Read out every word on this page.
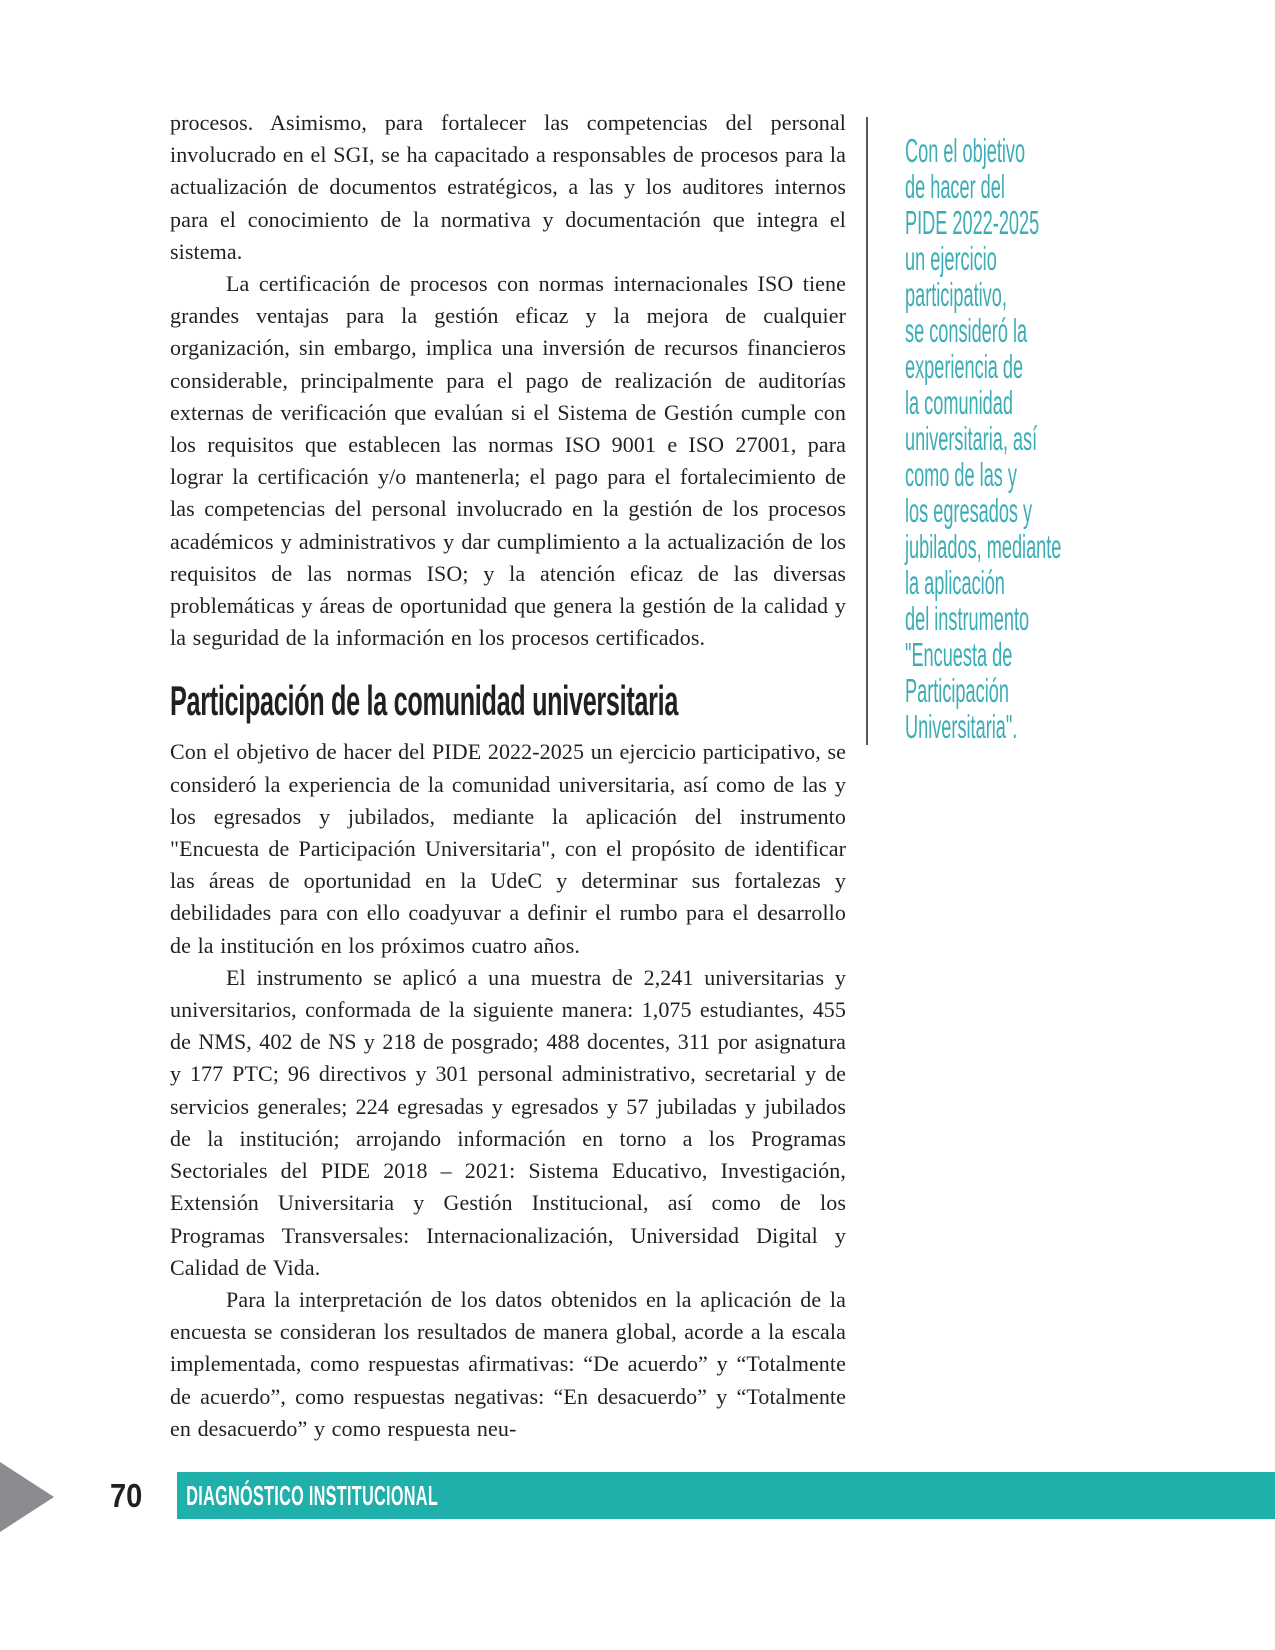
procesos. Asimismo, para fortalecer las competencias del personal involucrado en el SGI, se ha capacitado a responsables de procesos para la actualización de documentos estratégicos, a las y los auditores internos para el conocimiento de la normativa y documentación que integra el sistema.

La certificación de procesos con normas internacionales ISO tiene grandes ventajas para la gestión eficaz y la mejora de cualquier organización, sin embargo, implica una inversión de recursos financieros considerable, principalmente para el pago de realización de auditorías externas de verificación que evalúan si el Sistema de Gestión cumple con los requisitos que establecen las normas ISO 9001 e ISO 27001, para lograr la certificación y/o mantenerla; el pago para el fortalecimiento de las competencias del personal involucrado en la gestión de los procesos académicos y administrativos y dar cumplimiento a la actualización de los requisitos de las normas ISO; y la atención eficaz de las diversas problemáticas y áreas de oportunidad que genera la gestión de la calidad y la seguridad de la información en los procesos certificados.

Participación de la comunidad universitaria

Con el objetivo de hacer del PIDE 2022-2025 un ejercicio participativo, se consideró la experiencia de la comunidad universitaria, así como de las y los egresados y jubilados, mediante la aplicación del instrumento "Encuesta de Participación Universitaria", con el propósito de identificar las áreas de oportunidad en la UdeC y determinar sus fortalezas y debilidades para con ello coadyuvar a definir el rumbo para el desarrollo de la institución en los próximos cuatro años.

El instrumento se aplicó a una muestra de 2,241 universitarias y universitarios, conformada de la siguiente manera: 1,075 estudiantes, 455 de NMS, 402 de NS y 218 de posgrado; 488 docentes, 311 por asignatura y 177 PTC; 96 directivos y 301 personal administrativo, secretarial y de servicios generales; 224 egresadas y egresados y 57 jubiladas y jubilados de la institución; arrojando información en torno a los Programas Sectoriales del PIDE 2018 – 2021: Sistema Educativo, Investigación, Extensión Universitaria y Gestión Institucional, así como de los Programas Transversales: Internacionalización, Universidad Digital y Calidad de Vida.

Para la interpretación de los datos obtenidos en la aplicación de la encuesta se consideran los resultados de manera global, acorde a la escala implementada, como respuestas afirmativas: “De acuerdo” y “Totalmente de acuerdo”, como respuestas negativas: “En desacuerdo” y “Totalmente en desacuerdo” y como respuesta neu-

Con el objetivo
de hacer del
PIDE 2022-2025
un ejercicio
participativo,
se consideró la
experiencia de
la comunidad
universitaria, así
como de las y
los egresados y
jubilados, mediante
la aplicación
del instrumento
"Encuesta de
Participación
Universitaria".
70	DIAGNÓSTICO INSTITUCIONAL
